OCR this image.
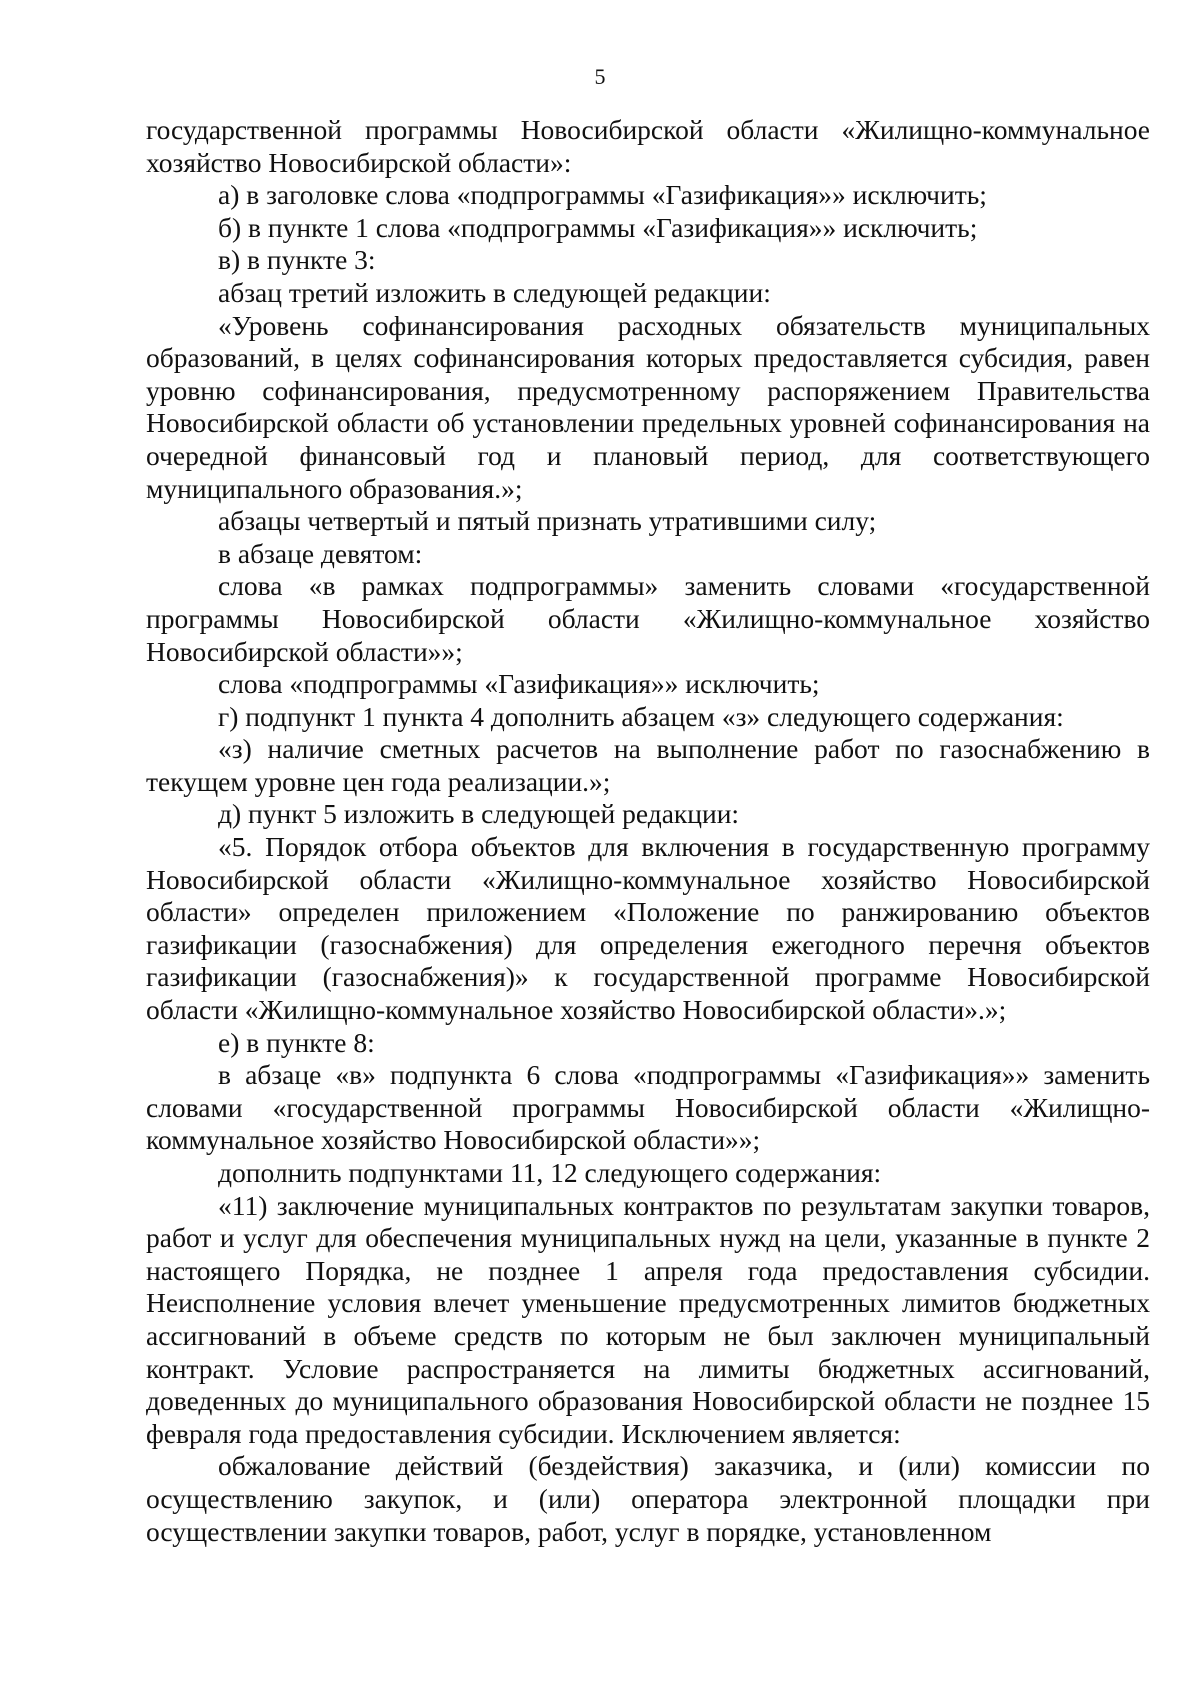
5

государственной программы Новосибирской области «Жилищно-коммунальное хозяйство Новосибирской области»:

а) в заголовке слова «подпрограммы «Газификация»» исключить;

б) в пункте 1 слова «подпрограммы «Газификация»» исключить;

в) в пункте 3:

абзац третий изложить в следующей редакции:

«Уровень софинансирования расходных обязательств муниципальных образований, в целях софинансирования которых предоставляется субсидия, равен уровню софинансирования, предусмотренному распоряжением Правительства Новосибирской области об установлении предельных уровней софинансирования на очередной финансовый год и плановый период, для соответствующего муниципального образования.»;

абзацы четвертый и пятый признать утратившими силу;

в абзаце девятом:

слова «в рамках подпрограммы» заменить словами «государственной программы Новосибирской области «Жилищно-коммунальное хозяйство Новосибирской области»»;

слова «подпрограммы «Газификация»» исключить;

г) подпункт 1 пункта 4 дополнить абзацем «з» следующего содержания:

«з) наличие сметных расчетов на выполнение работ по газоснабжению в текущем уровне цен года реализации.»;

д) пункт 5 изложить в следующей редакции:

«5. Порядок отбора объектов для включения в государственную программу Новосибирской области «Жилищно-коммунальное хозяйство Новосибирской области» определен приложением «Положение по ранжированию объектов газификации (газоснабжения) для определения ежегодного перечня объектов газификации (газоснабжения)» к государственной программе Новосибирской области «Жилищно-коммунальное хозяйство Новосибирской области».»;

е) в пункте 8:

в абзаце «в» подпункта 6 слова «подпрограммы «Газификация»» заменить словами «государственной программы Новосибирской области «Жилищно-коммунальное хозяйство Новосибирской области»»;

дополнить подпунктами 11, 12 следующего содержания:

«11) заключение муниципальных контрактов по результатам закупки товаров, работ и услуг для обеспечения муниципальных нужд на цели, указанные в пункте 2 настоящего Порядка, не позднее 1 апреля года предоставления субсидии. Неисполнение условия влечет уменьшение предусмотренных лимитов бюджетных ассигнований в объеме средств по которым не был заключен муниципальный контракт. Условие распространяется на лимиты бюджетных ассигнований, доведенных до муниципального образования Новосибирской области не позднее 15 февраля года предоставления субсидии. Исключением является:

обжалование действий (бездействия) заказчика, и (или) комиссии по осуществлению закупок, и (или) оператора электронной площадки при осуществлении закупки товаров, работ, услуг в порядке, установленном
